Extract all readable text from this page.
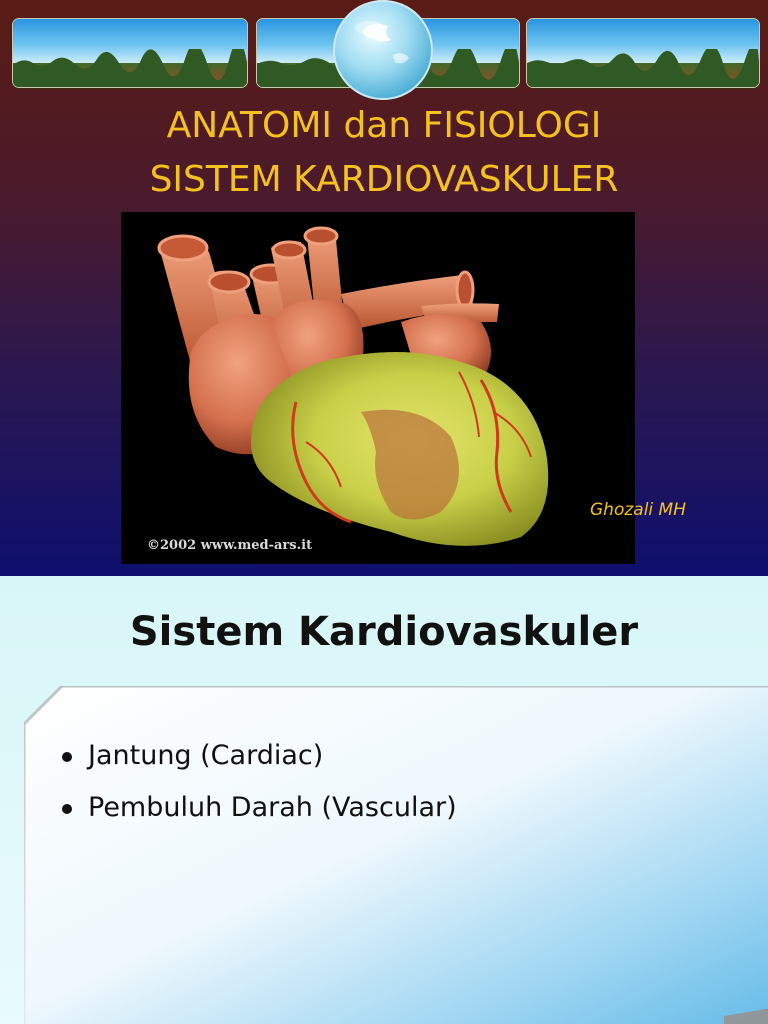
ANATOMI dan FISIOLOGI
SISTEM KARDIOVASKULER
©2002 www.med-ars.it
Ghozali MH
Sistem Kardiovaskuler
Jantung (Cardiac)
Pembuluh Darah (Vascular)
